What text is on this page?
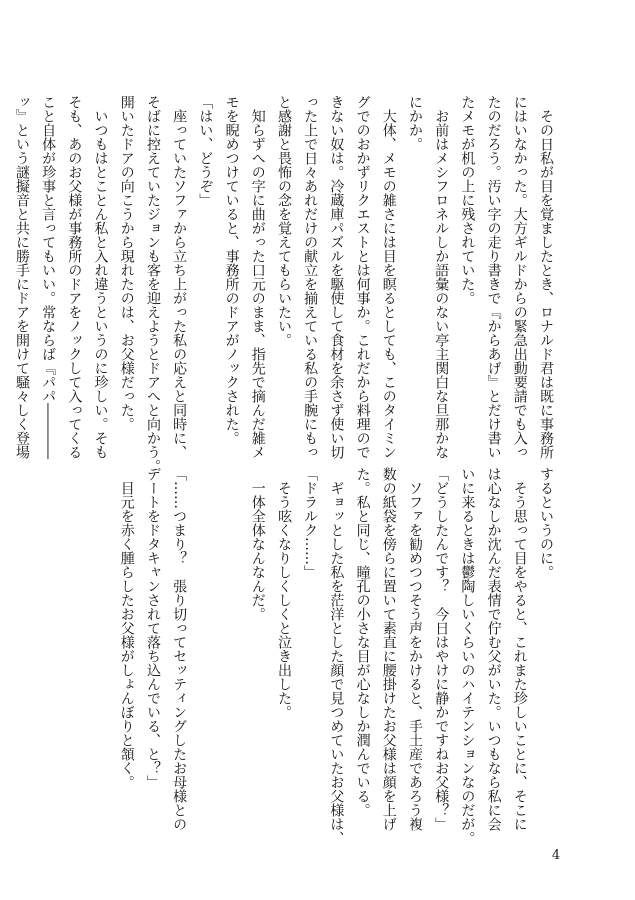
　その日私が目を覚ましたとき、ロナルド君は既に事務所

にはいなかった。大方ギルドからの緊急出動要請でも入っ

たのだろう。汚い字の走り書きで『からあげ』とだけ書い

たメモが机の上に残されていた。

　お前はメシフロネルしか語彙のない亭主関白な旦那かな

にかか。

　大体、メモの雑さには目を瞑るとしても、このタイミン

グでのおかずリクエストとは何事か。これだから料理ので

きない奴は。冷蔵庫パズルを駆使して食材を余さず使い切

った上で日々あれだけの献立を揃えている私の手腕にもっ

と感謝と畏怖の念を覚えてもらいたい。

　知らずへの字に曲がった口元のまま、指先で摘んだ雑メ

モを睨めつけていると、事務所のドアがノックされた。

「はい、どうぞ」

　座っていたソファから立ち上がった私の応えと同時に、

そばに控えていたジョンも客を迎えようとドアへと向かう。

開いたドアの向こうから現れたのは、お父様だった。

　いつもはとことん私と入れ違うというのに珍しい。そも

そも、あのお父様が事務所のドアをノックして入ってくる

こと自体が珍事と言ってもいい。常ならば『パパ――――

ッ』という謎擬音と共に勝手にドアを開けて騒々しく登場

するというのに。

　そう思って目をやると、これまた珍しいことに、そこに

は心なしか沈んだ表情で佇む父がいた。いつもなら私に会

いに来るときは鬱陶しいくらいのハイテンションなのだが。

「どうしたんです？　今日はやけに静かですねお父様？」

　ソファを勧めつつそう声をかけると、手土産であろう複

数の紙袋を傍らに置いて素直に腰掛けたお父様は顔を上げ

た。私と同じ、瞳孔の小さな目が心なしか潤んでいる。

　ギョッとした私を茫洋とした顔で見つめていたお父様は、

「ドラルク……」

　そう呟くなりしくしくと泣き出した。

　一体全体なんなんだ。

「……つまり？　張り切ってセッティングしたお母様との

デートをドタキャンされて落ち込んでいる、と？」

　目元を赤く腫らしたお父様がしょんぼりと頷く。

4
